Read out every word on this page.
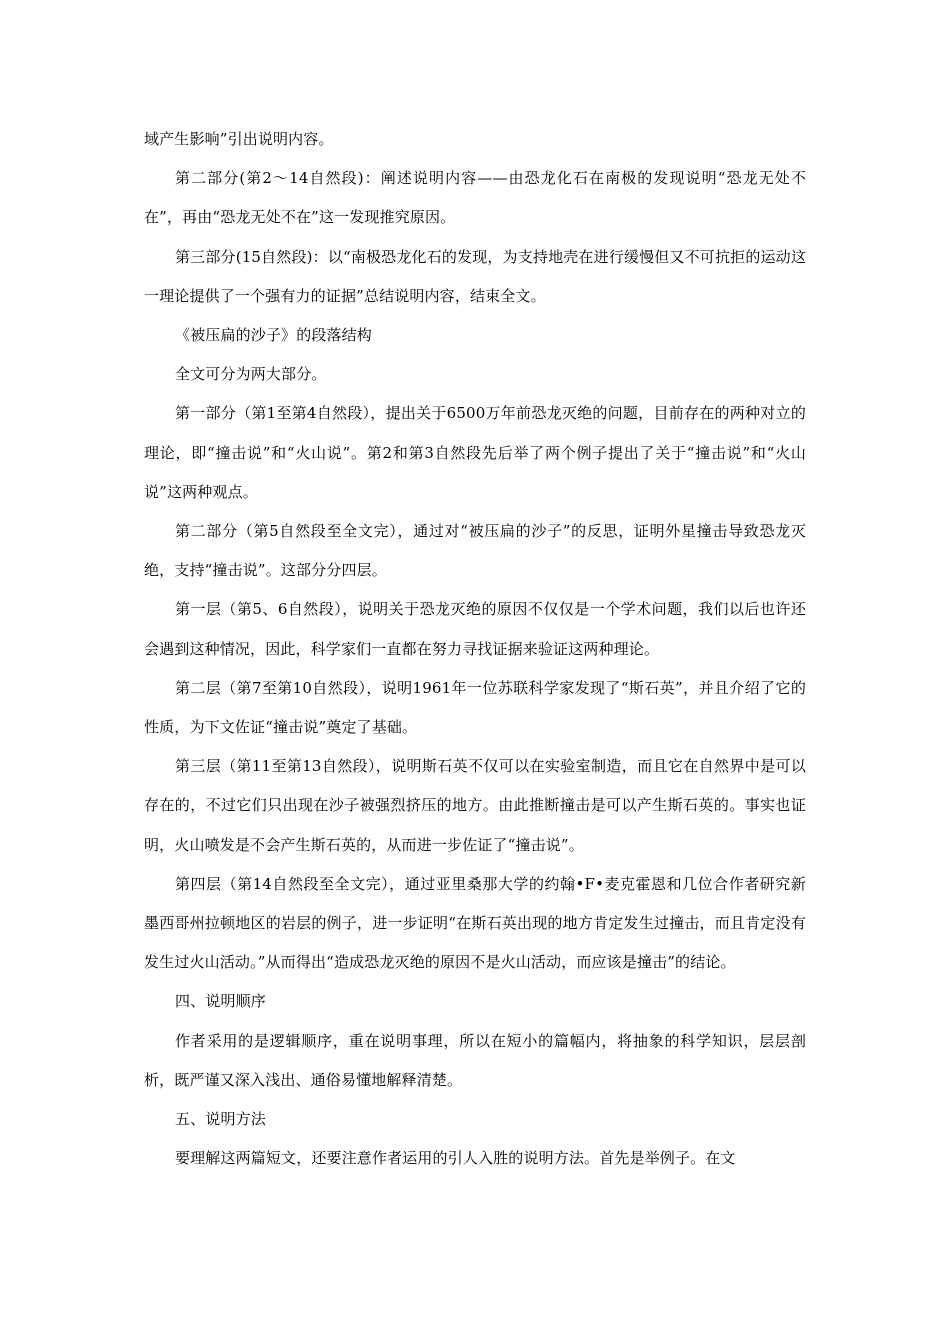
域产生影响”引出说明内容。

第二部分(第2～14自然段)：阐述说明内容——由恐龙化石在南极的发现说明“恐龙无处不在”，再由“恐龙无处不在”这一发现推究原因。

第三部分(15自然段)：以“南极恐龙化石的发现，为支持地壳在进行缓慢但又不可抗拒的运动这一理论提供了一个强有力的证据”总结说明内容，结束全文。

《被压扁的沙子》的段落结构

全文可分为两大部分。

第一部分（第1至第4自然段），提出关于6500万年前恐龙灭绝的问题，目前存在的两种对立的理论，即“撞击说”和“火山说”。第2和第3自然段先后举了两个例子提出了关于“撞击说”和“火山说”这两种观点。

第二部分（第5自然段至全文完），通过对“被压扁的沙子”的反思，证明外星撞击导致恐龙灭绝，支持“撞击说”。这部分分四层。

第一层（第5、6自然段），说明关于恐龙灭绝的原因不仅仅是一个学术问题，我们以后也许还会遇到这种情况，因此，科学家们一直都在努力寻找证据来验证这两种理论。

第二层（第7至第10自然段），说明1961年一位苏联科学家发现了“斯石英”，并且介绍了它的性质，为下文佐证“撞击说”奠定了基础。

第三层（第11至第13自然段），说明斯石英不仅可以在实验室制造，而且它在自然界中是可以存在的，不过它们只出现在沙子被强烈挤压的地方。由此推断撞击是可以产生斯石英的。事实也证明，火山喷发是不会产生斯石英的，从而进一步佐证了“撞击说”。

第四层（第14自然段至全文完），通过亚里桑那大学的约翰•F•麦克霍恩和几位合作者研究新墨西哥州拉顿地区的岩层的例子，进一步证明“在斯石英出现的地方肯定发生过撞击，而且肯定没有发生过火山活动。”从而得出“造成恐龙灭绝的原因不是火山活动，而应该是撞击”的结论。

四、说明顺序

作者采用的是逻辑顺序，重在说明事理，所以在短小的篇幅内，将抽象的科学知识，层层剖析，既严谨又深入浅出、通俗易懂地解释清楚。

五、说明方法

要理解这两篇短文，还要注意作者运用的引人入胜的说明方法。首先是举例子。在文
